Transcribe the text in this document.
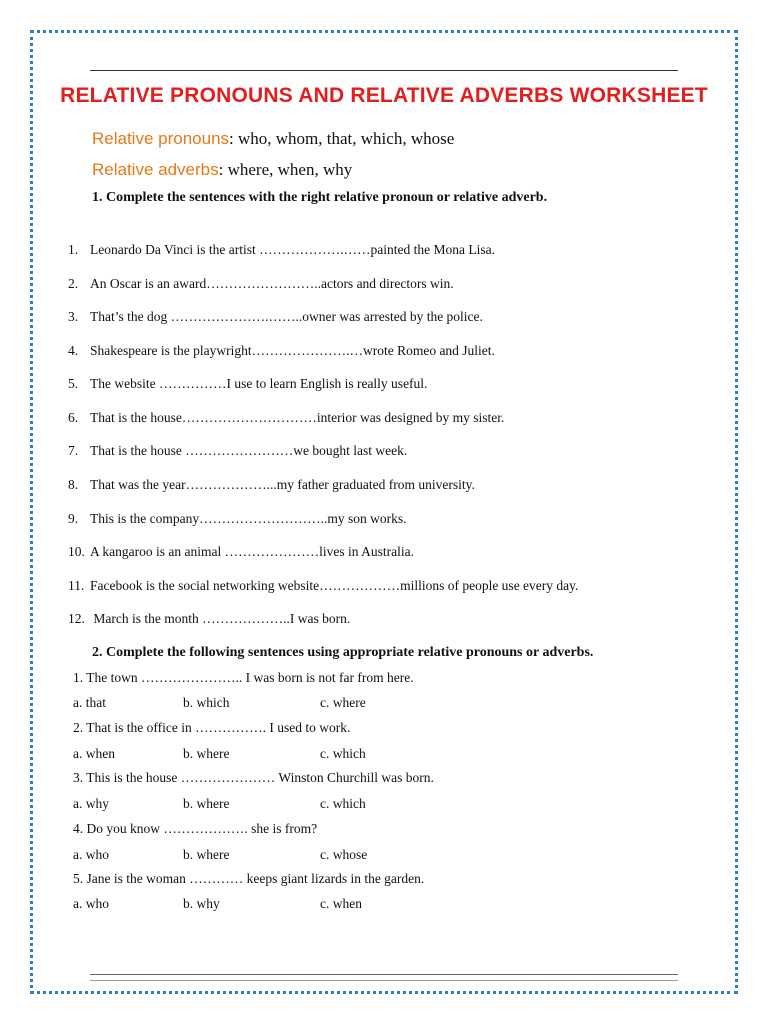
RELATIVE PRONOUNS AND RELATIVE ADVERBS WORKSHEET
Relative pronouns: who, whom, that, which, whose
Relative adverbs: where, when, why
1. Complete the sentences with the right relative pronoun or relative adverb.
1. Leonardo Da Vinci is the artist ……………….……painted the Mona Lisa.
2. An Oscar is an award……………………..actors and directors win.
3. That’s the dog ………………….……..owner was arrested by the police.
4. Shakespeare is the playwright………………….…wrote Romeo and Juliet.
5. The website ……………I use to learn English is really useful.
6. That is the house…………………………interior was designed by my sister.
7. That is the house ……………………we bought last week.
8. That was the year………………...my father graduated from university.
9. This is the company………………………..my son works.
10. A kangaroo is an animal …………………lives in Australia.
11. Facebook is the social networking website………………millions of people use every day.
12. March is the month ………………..I was born.
2. Complete the following sentences using appropriate relative pronouns or adverbs.
1. The town ………………….. I was born is not far from here.
a. that	b. which	c. where
2. That is the office in ……………. I used to work.
a. when	b. where	c. which
3. This is the house ………………… Winston Churchill was born.
a. why	b. where	c. which
4. Do you know ………………. she is from?
a. who	b. where	c. whose
5. Jane is the woman ………… keeps giant lizards in the garden.
a. who	b. why	c. when
